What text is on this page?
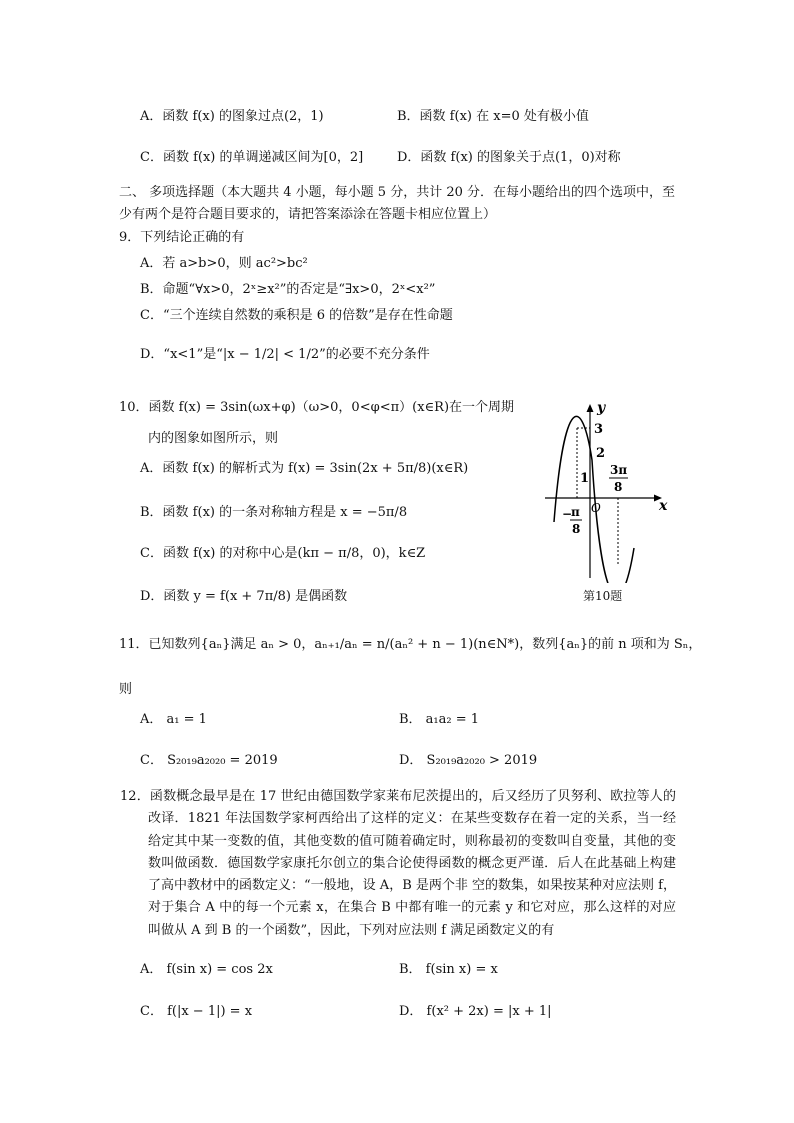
A．函数 f(x) 的图象过点(2，1)	B．函数 f(x) 在 x=0 处有极小值
C．函数 f(x) 的单调递减区间为[0，2]	D．函数 f(x) 的图象关于点(1，0)对称
二、 多项选择题（本大题共 4 小题，每小题 5 分，共计 20 分．在每小题给出的四个选项中，至少有两个是符合题目要求的，请把答案添涂在答题卡相应位置上）
9．下列结论正确的有
A．若 a>b>0，则 ac²>bc²
B．命题“∀x>0，2ˣ≥x²”的否定是“∃x>0，2ˣ<x²”
C．“三个连续自然数的乘积是 6 的倍数”是存在性命题
D．“x<1”是“|x − 1/2| < 1/2”的必要不充分条件
10．函数 f(x) = 3sin(ωx+φ)（ω>0，0<φ<π）(x∈R)在一个周期
内的图象如图所示，则
A．函数 f(x) 的解析式为 f(x) = 3sin(2x + 5π/8)(x∈R)
B．函数 f(x) 的一条对称轴方程是 x = −5π/8
C．函数 f(x) 的对称中心是(kπ − π/8，0)，k∈Z
D．函数 y = f(x + 7π/8) 是偶函数
y
x
3
2
1
O
−
π
8
3π
8
第10题
11．已知数列{aₙ}满足 aₙ > 0，aₙ₊₁/aₙ = n/(aₙ² + n − 1)(n∈N*)，数列{aₙ}的前 n 项和为 Sₙ，
则
A． a₁ = 1	B． a₁a₂ = 1
C． S₂₀₁₉a₂₀₂₀ = 2019	D． S₂₀₁₉a₂₀₂₀ > 2019
12．函数概念最早是在 17 世纪由德国数学家莱布尼茨提出的，后又经历了贝努利、欧拉等人的改译．1821 年法国数学家柯西给出了这样的定义：在某些变数存在着一定的关系，当一经给定其中某一变数的值，其他变数的值可随着确定时，则称最初的变数叫自变量，其他的变数叫做函数．德国数学家康托尔创立的集合论使得函数的概念更严谨．后人在此基础上构建了高中教材中的函数定义：“一般地，设 A，B 是两个非 空的数集，如果按某种对应法则 f，对于集合 A 中的每一个元素 x，在集合 B 中都有唯一的元素 y 和它对应，那么这样的对应叫做从 A 到 B 的一个函数”，因此，下列对应法则 f 满足函数定义的有
A． f(sin x) = cos 2x	B． f(sin x) = x
C． f(|x − 1|) = x	D． f(x² + 2x) = |x + 1|
